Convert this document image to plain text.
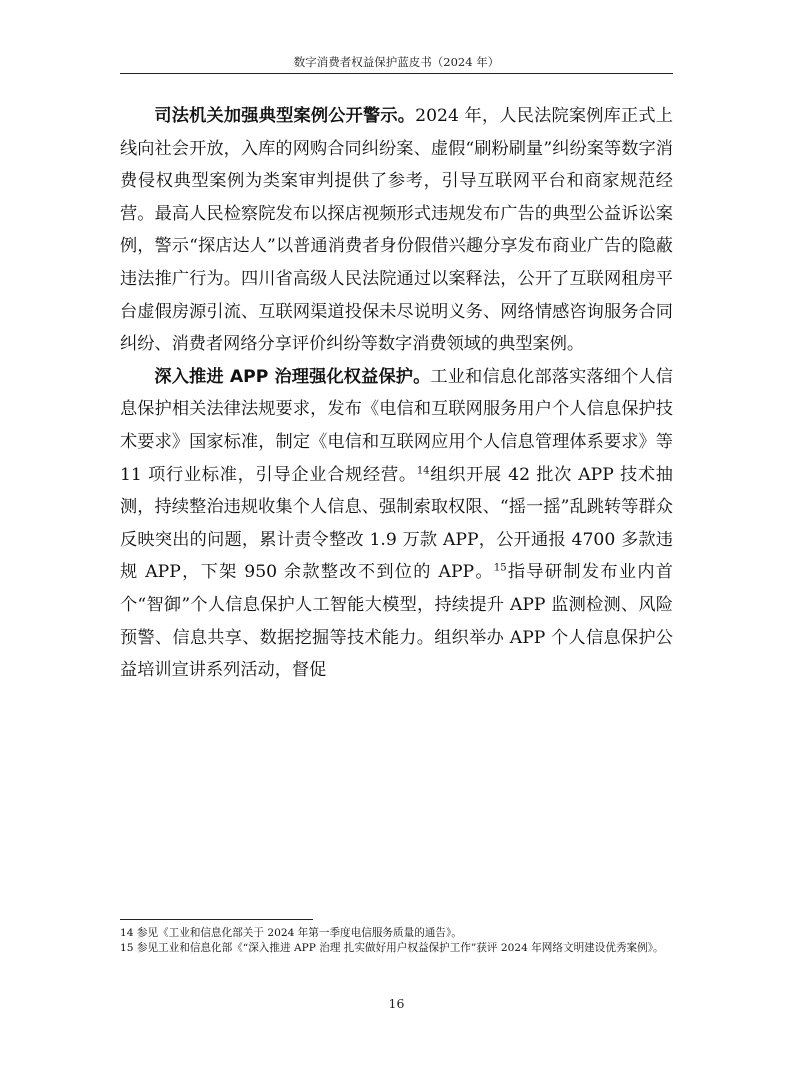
数字消费者权益保护蓝皮书（2024 年）

司法机关加强典型案例公开警示。2024 年，人民法院案例库正式上线向社会开放，入库的网购合同纠纷案、虚假“刷粉刷量”纠纷案等数字消费侵权典型案例为类案审判提供了参考，引导互联网平台和商家规范经营。最高人民检察院发布以探店视频形式违规发布广告的典型公益诉讼案例，警示“探店达人”以普通消费者身份假借兴趣分享发布商业广告的隐蔽违法推广行为。四川省高级人民法院通过以案释法，公开了互联网租房平台虚假房源引流、互联网渠道投保未尽说明义务、网络情感咨询服务合同纠纷、消费者网络分享评价纠纷等数字消费领域的典型案例。

深入推进 APP 治理强化权益保护。工业和信息化部落实落细个人信息保护相关法律法规要求，发布《电信和互联网服务用户个人信息保护技术要求》国家标准，制定《电信和互联网应用个人信息管理体系要求》等 11 项行业标准，引导企业合规经营。$^{14}$组织开展 42 批次 APP 技术抽测，持续整治违规收集个人信息、强制索取权限、“摇一摇”乱跳转等群众反映突出的问题，累计责令整改 1.9 万款 APP，公开通报 4700 多款违规 APP，下架 950 余款整改不到位的 APP。$^{15}$指导研制发布业内首个“智御”个人信息保护人工智能大模型，持续提升 APP 监测检测、风险预警、信息共享、数据挖掘等技术能力。组织举办 APP 个人信息保护公益培训宣讲系列活动，督促

14 参见《工业和信息化部关于 2024 年第一季度电信服务质量的通告》。

15 参见工业和信息化部《“深入推进 APP 治理 扎实做好用户权益保护工作”获评 2024 年网络文明建设优秀案例》。

16
